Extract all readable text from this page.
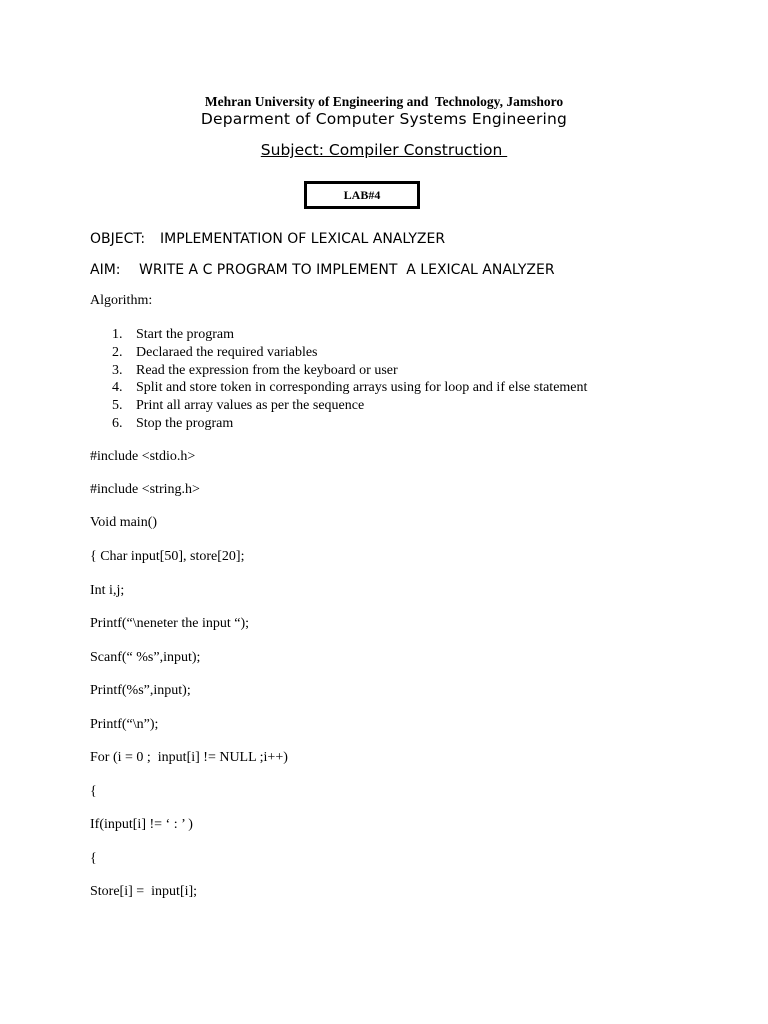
Mehran University of Engineering and  Technology, Jamshoro
Deparment of Computer Systems Engineering
Subject: Compiler Construction
LAB#4
OBJECT: IMPLEMENTATION OF LEXICAL ANALYZER
AIM: WRITE A C PROGRAM TO IMPLEMENT  A LEXICAL ANALYZER
Algorithm:
1. Start the program
2. Declaraed the required variables
3. Read the expression from the keyboard or user
4. Split and store token in corresponding arrays using for loop and if else statement
5. Print all array values as per the sequence
6. Stop the program
#include <stdio.h>
#include <string.h>
Void main()
{ Char input[50], store[20];
Int i,j;
Printf(“\neneter the input “);
Scanf(“ %s”,input);
Printf(%s”,input);
Printf(“\n”);
For (i = 0 ;  input[i] != NULL ;i++)
{
If(input[i] != ‘ : ’ )
{
Store[i] =  input[i];
